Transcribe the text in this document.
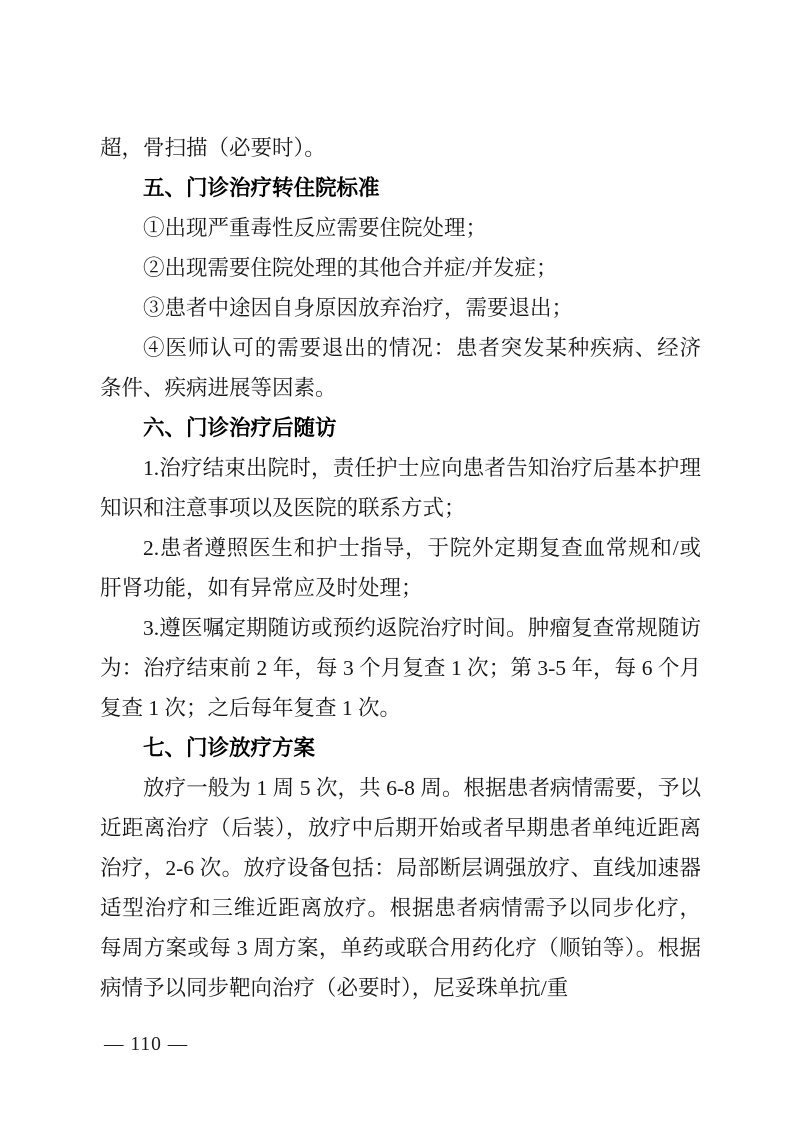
超，骨扫描（必要时）。

五、门诊治疗转住院标准

①出现严重毒性反应需要住院处理；

②出现需要住院处理的其他合并症/并发症；

③患者中途因自身原因放弃治疗，需要退出；

④医师认可的需要退出的情况：患者突发某种疾病、经济条件、疾病进展等因素。

六、门诊治疗后随访

1.治疗结束出院时，责任护士应向患者告知治疗后基本护理知识和注意事项以及医院的联系方式；

2.患者遵照医生和护士指导，于院外定期复查血常规和/或肝肾功能，如有异常应及时处理；

3.遵医嘱定期随访或预约返院治疗时间。肿瘤复查常规随访为：治疗结束前 2 年，每 3 个月复查 1 次；第 3-5 年，每 6 个月复查 1 次；之后每年复查 1 次。

七、门诊放疗方案

放疗一般为 1 周 5 次，共 6-8 周。根据患者病情需要，予以近距离治疗（后装），放疗中后期开始或者早期患者单纯近距离治疗，2-6 次。放疗设备包括：局部断层调强放疗、直线加速器适型治疗和三维近距离放疗。根据患者病情需予以同步化疗，每周方案或每 3 周方案，单药或联合用药化疗（顺铂等）。根据病情予以同步靶向治疗（必要时），尼妥珠单抗/重

— 110 —
